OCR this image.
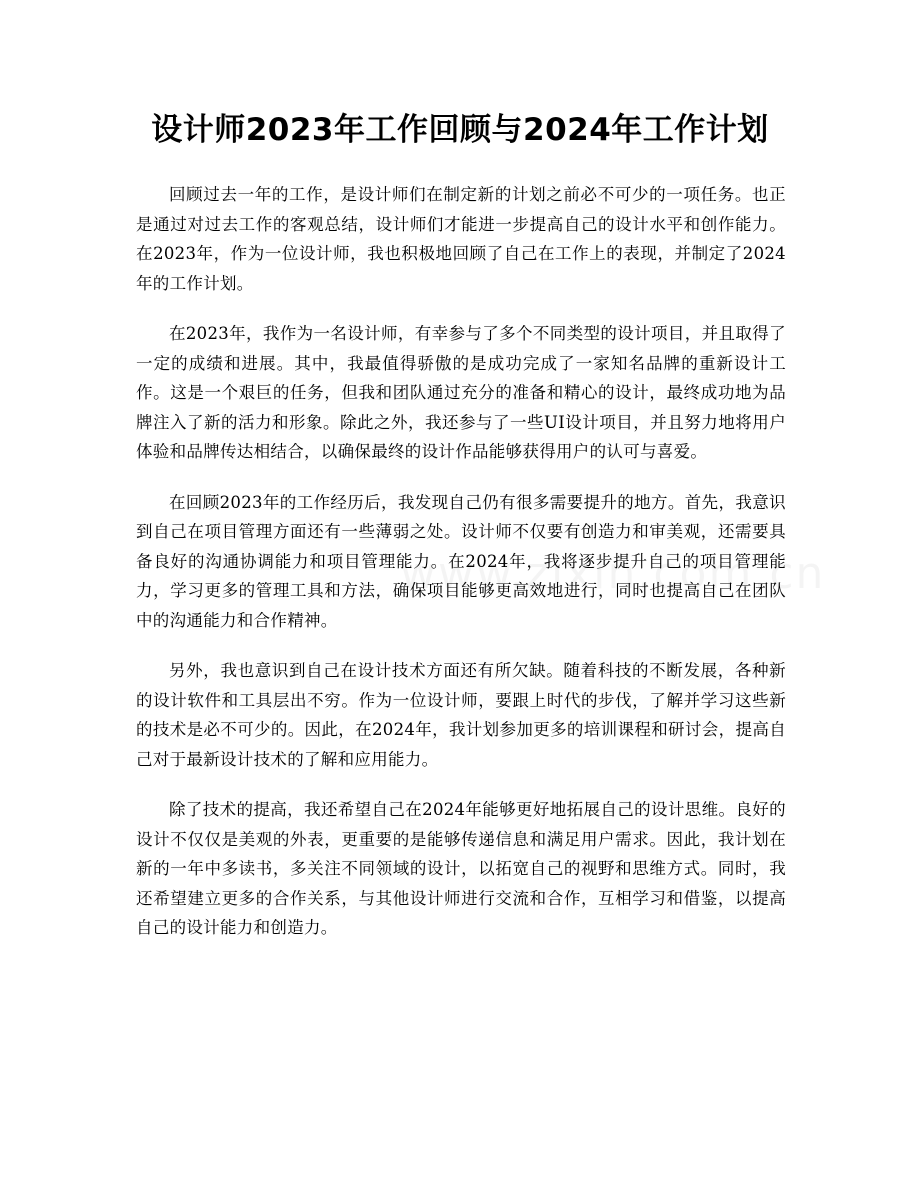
设计师2023年工作回顾与2024年工作计划

回顾过去一年的工作，是设计师们在制定新的计划之前必不可少的一项任务。也正是通过对过去工作的客观总结，设计师们才能进一步提高自己的设计水平和创作能力。在2023年，作为一位设计师，我也积极地回顾了自己在工作上的表现，并制定了2024年的工作计划。

在2023年，我作为一名设计师，有幸参与了多个不同类型的设计项目，并且取得了一定的成绩和进展。其中，我最值得骄傲的是成功完成了一家知名品牌的重新设计工作。这是一个艰巨的任务，但我和团队通过充分的准备和精心的设计，最终成功地为品牌注入了新的活力和形象。除此之外，我还参与了一些UI设计项目，并且努力地将用户体验和品牌传达相结合，以确保最终的设计作品能够获得用户的认可与喜爱。

在回顾2023年的工作经历后，我发现自己仍有很多需要提升的地方。首先，我意识到自己在项目管理方面还有一些薄弱之处。设计师不仅要有创造力和审美观，还需要具备良好的沟通协调能力和项目管理能力。在2024年，我将逐步提升自己的项目管理能力，学习更多的管理工具和方法，确保项目能够更高效地进行，同时也提高自己在团队中的沟通能力和合作精神。

另外，我也意识到自己在设计技术方面还有所欠缺。随着科技的不断发展，各种新的设计软件和工具层出不穷。作为一位设计师，要跟上时代的步伐，了解并学习这些新的技术是必不可少的。因此，在2024年，我计划参加更多的培训课程和研讨会，提高自己对于最新设计技术的了解和应用能力。

除了技术的提高，我还希望自己在2024年能够更好地拓展自己的设计思维。良好的设计不仅仅是美观的外表，更重要的是能够传递信息和满足用户需求。因此，我计划在新的一年中多读书，多关注不同领域的设计，以拓宽自己的视野和思维方式。同时，我还希望建立更多的合作关系，与其他设计师进行交流和合作，互相学习和借鉴，以提高自己的设计能力和创造力。
